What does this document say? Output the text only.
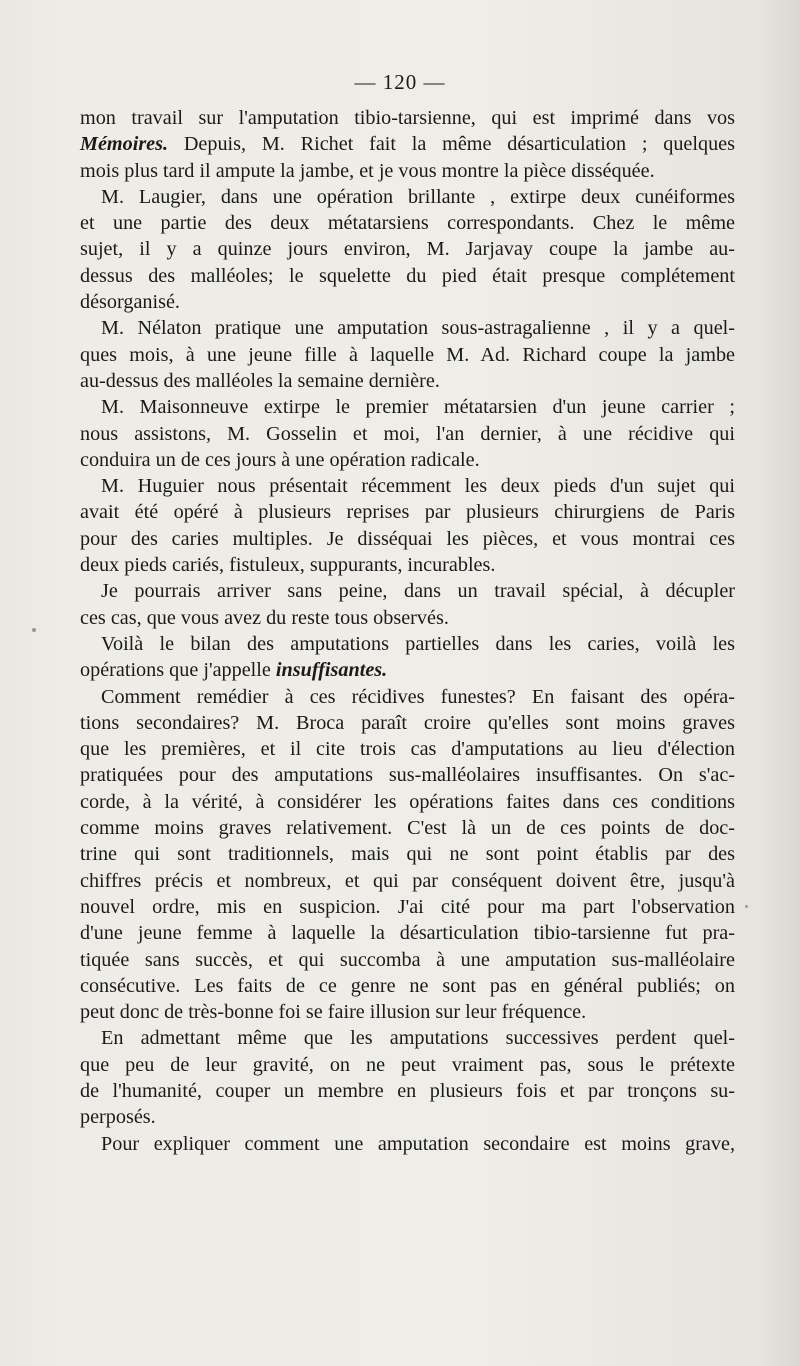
— 120 —

mon travail sur l'amputation tibio-tarsienne, qui est imprimé dans vos

Mémoires. Depuis, M. Richet fait la même désarticulation ; quelques

mois plus tard il ampute la jambe, et je vous montre la pièce disséquée.

M. Laugier, dans une opération brillante , extirpe deux cunéiformes

et une partie des deux métatarsiens correspondants. Chez le même

sujet, il y a quinze jours environ, M. Jarjavay coupe la jambe au-

dessus des malléoles; le squelette du pied était presque complétement

désorganisé.

M. Nélaton pratique une amputation sous-astragalienne , il y a quel-

ques mois, à une jeune fille à laquelle M. Ad. Richard coupe la jambe

au-dessus des malléoles la semaine dernière.

M. Maisonneuve extirpe le premier métatarsien d'un jeune carrier ;

nous assistons, M. Gosselin et moi, l'an dernier, à une récidive qui

conduira un de ces jours à une opération radicale.

M. Huguier nous présentait récemment les deux pieds d'un sujet qui

avait été opéré à plusieurs reprises par plusieurs chirurgiens de Paris

pour des caries multiples. Je disséquai les pièces, et vous montrai ces

deux pieds cariés, fistuleux, suppurants, incurables.

Je pourrais arriver sans peine, dans un travail spécial, à décupler

ces cas, que vous avez du reste tous observés.

Voilà le bilan des amputations partielles dans les caries, voilà les

opérations que j'appelle insuffisantes.

Comment remédier à ces récidives funestes? En faisant des opéra-

tions secondaires? M. Broca paraît croire qu'elles sont moins graves

que les premières, et il cite trois cas d'amputations au lieu d'élection

pratiquées pour des amputations sus-malléolaires insuffisantes. On s'ac-

corde, à la vérité, à considérer les opérations faites dans ces conditions

comme moins graves relativement. C'est là un de ces points de doc-

trine qui sont traditionnels, mais qui ne sont point établis par des

chiffres précis et nombreux, et qui par conséquent doivent être, jusqu'à

nouvel ordre, mis en suspicion. J'ai cité pour ma part l'observation

d'une jeune femme à laquelle la désarticulation tibio-tarsienne fut pra-

tiquée sans succès, et qui succomba à une amputation sus-malléolaire

consécutive. Les faits de ce genre ne sont pas en général publiés; on

peut donc de très-bonne foi se faire illusion sur leur fréquence.

En admettant même que les amputations successives perdent quel-

que peu de leur gravité, on ne peut vraiment pas, sous le prétexte

de l'humanité, couper un membre en plusieurs fois et par tronçons su-

perposés.

Pour expliquer comment une amputation secondaire est moins grave,
